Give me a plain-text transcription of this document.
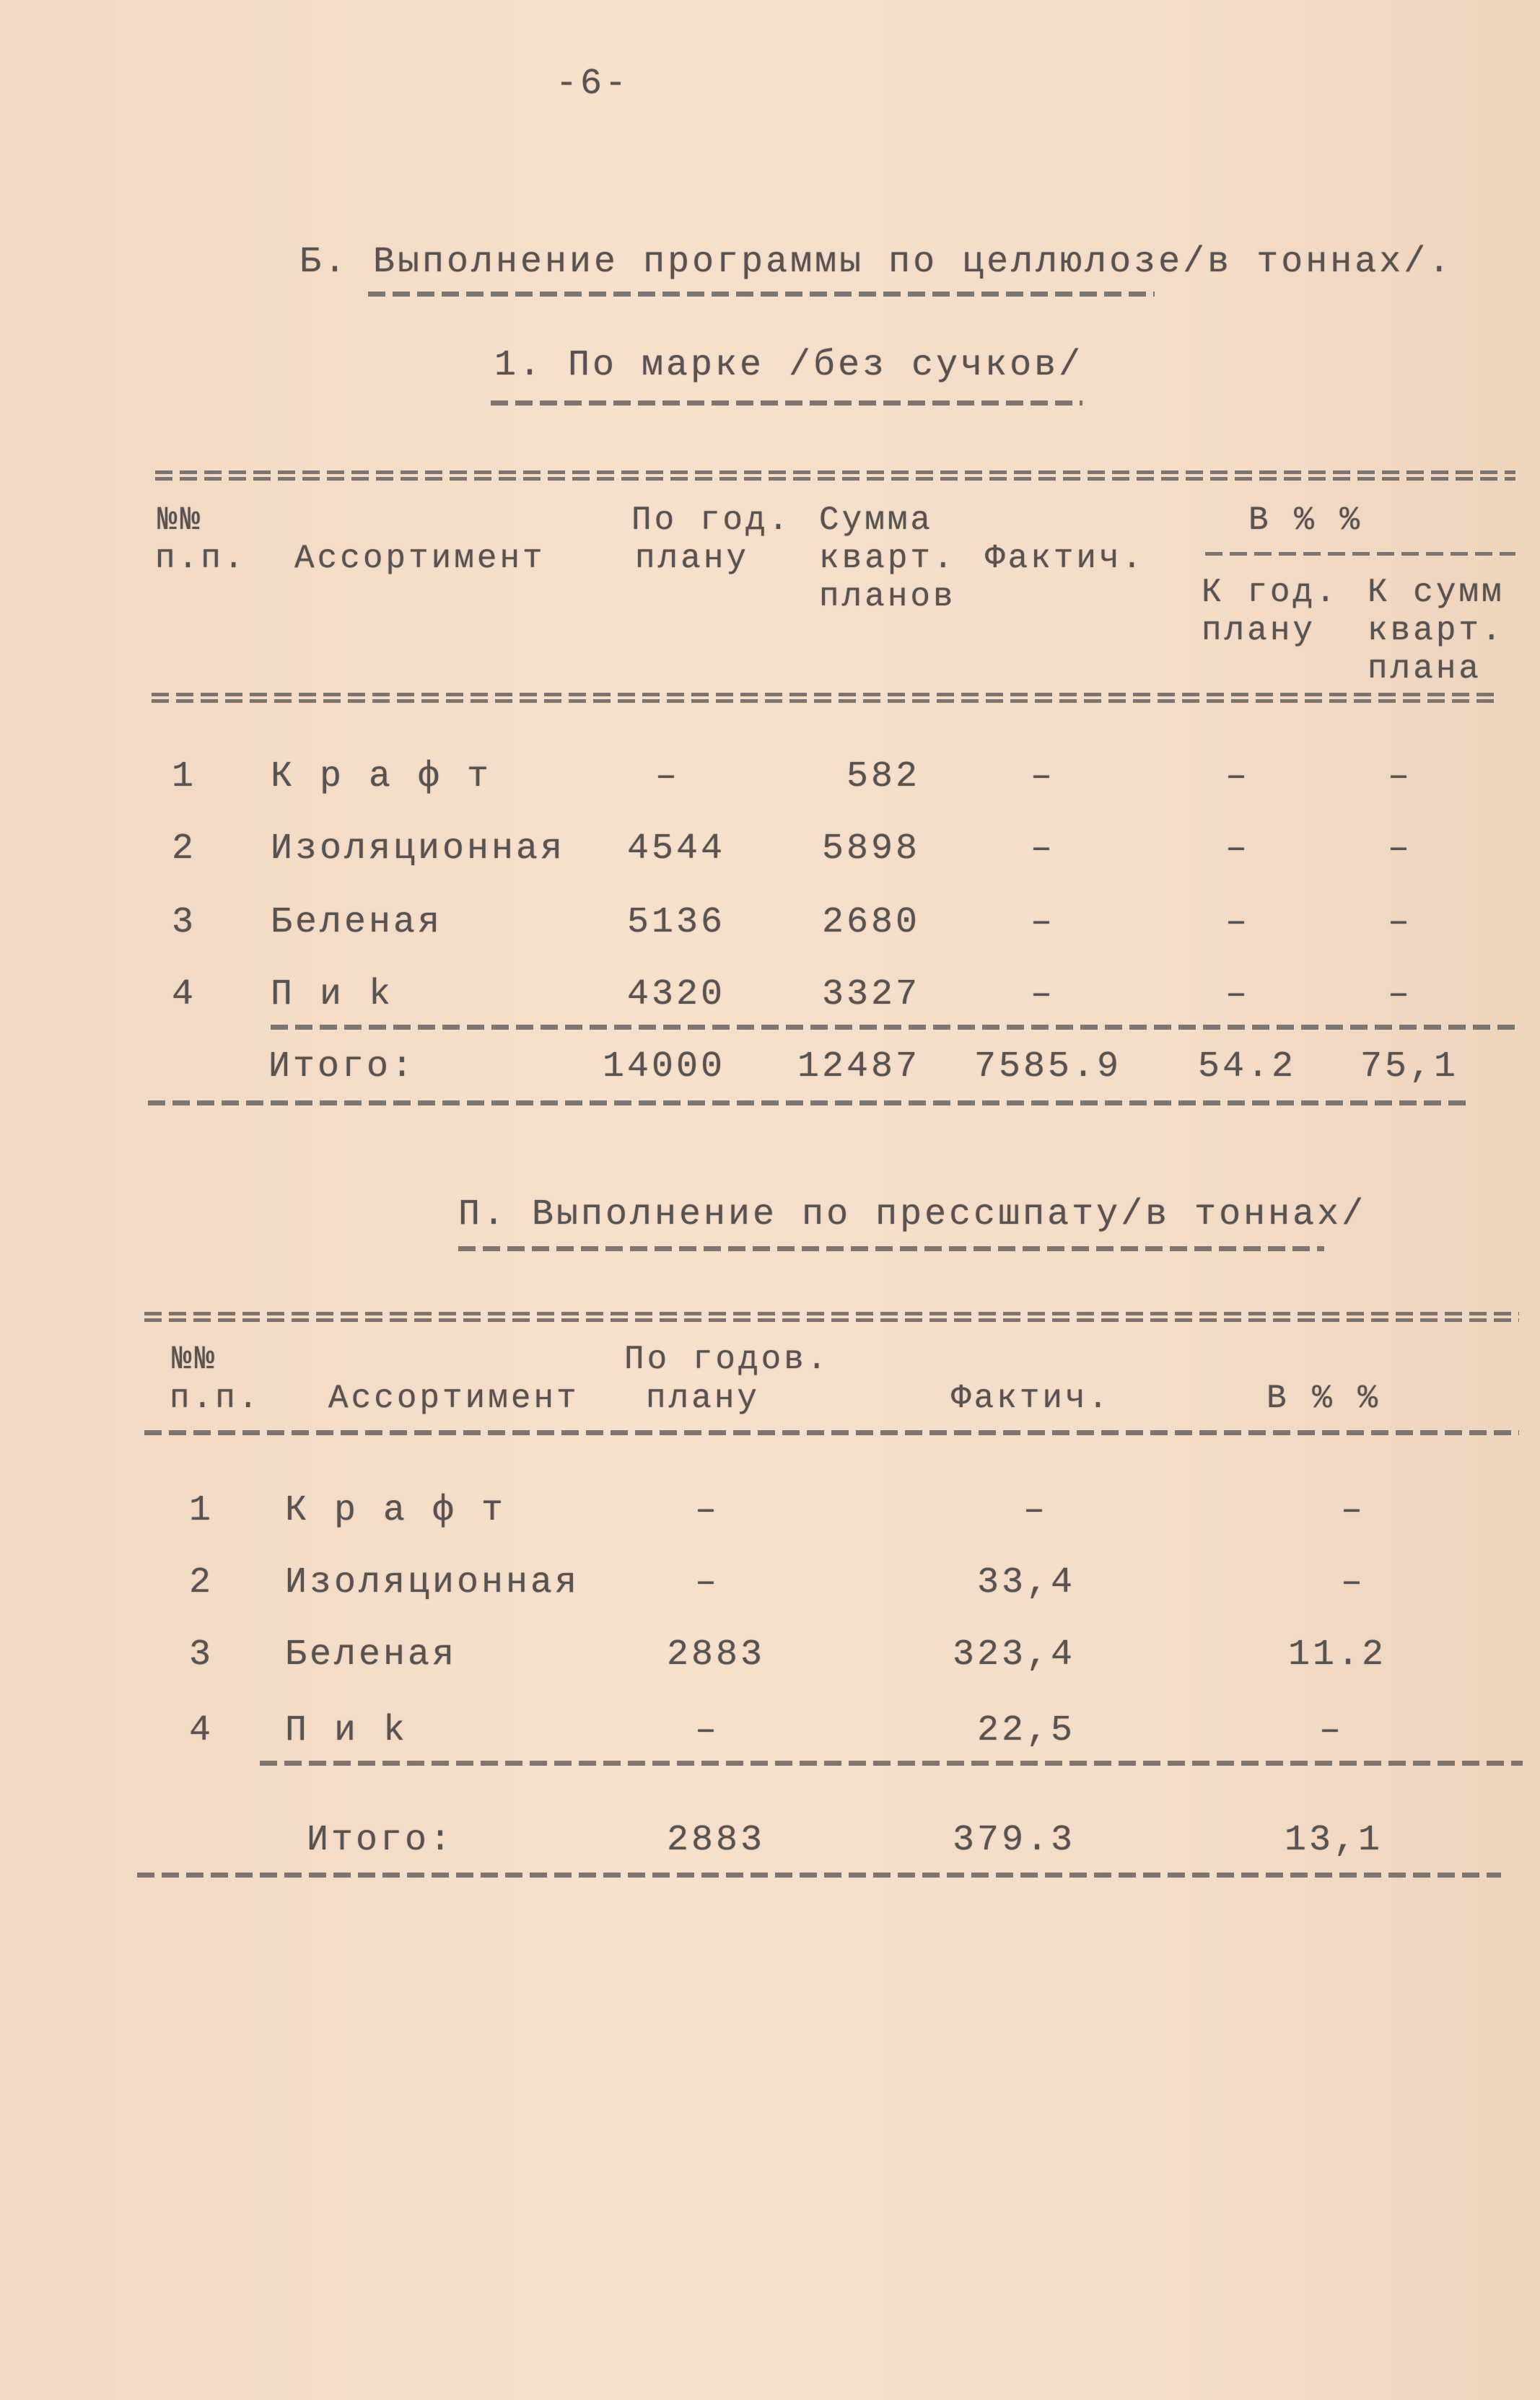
-6-
Б. Выполнение программы по целлюлозе/в тоннах/.
1. По марке /без сучков/
№№
п.п. Ассортимент
По год.
плану
Сумма
кварт.
планов
Фактич.
В % %
К год.
плану
К сумм
кварт.
плана
1 К р а ф т	–	582	–	–	–
2 Изоляционная	4544	5898	–	–	–
3 Беленая	5136	2680	–	–	–
4 П и k	4320	3327	–	–	–
Итого:	14000	12487 7585.9 54.2 75,1
П. Выполнение по прессшпату/в тоннах/
№№
п.п. Ассортимент
По годов.
плану	Фактич.	В % %
1 К р а ф т	–	–	–
2 Изоляционная	–	33,4	–
3 Беленая	2883	323,4	11.2
4 П и k	–	22,5	–
Итого:	2883	379.3	13,1
